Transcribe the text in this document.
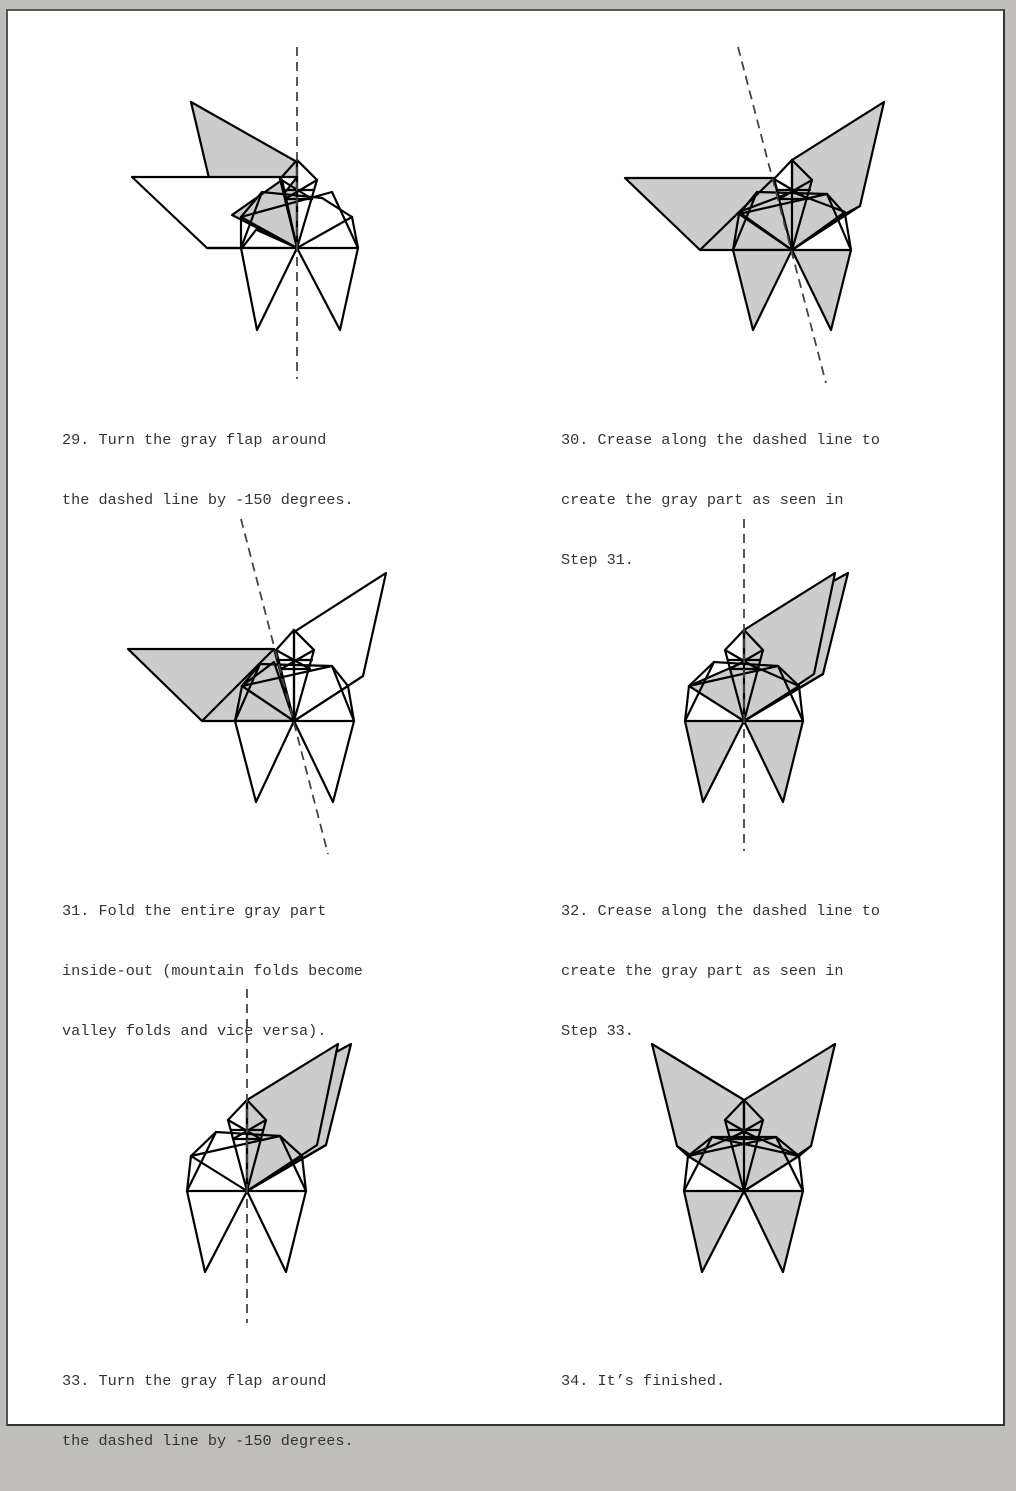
29. Turn the gray flap around

the dashed line by -150 degrees.

30. Crease along the dashed line to

create the gray part as seen in

Step 31.

31. Fold the entire gray part

inside-out (mountain folds become

valley folds and vice versa).

32. Crease along the dashed line to

create the gray part as seen in

Step 33.

33. Turn the gray flap around

the dashed line by -150 degrees.

34. It’s finished.
